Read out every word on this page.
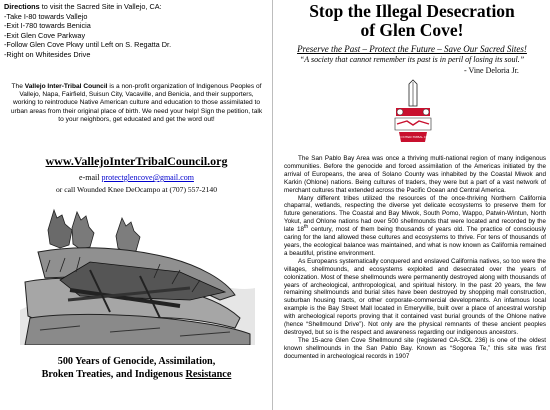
Directions to visit the Sacred Site in Vallejo, CA:
-Take I-80 towards Vallejo
-Exit I-780 towards Benicia
-Exit Glen Cove Parkway
-Follow Glen Cove Pkwy until Left on S. Regatta Dr.
-Right on Whitesides Drive
The Vallejo Inter-Tribal Council is a non-profit organization of Indigenous Peoples of Vallejo, Napa, Fairfield, Suisun City, Vacaville, and Benicia, and their supporters, working to reintroduce Native American culture and education to those assimilated to urban areas from their original place of birth. We need your help! Sign the petition, talk to your neighbors, get educated and get the word out!
www.VallejoInterTribalCouncil.org
e-mail protectglencove@gmail.com
or call Wounded Knee DeOcampo at (707) 557-2140
500 Years of Genocide, Assimilation,
Broken Treaties, and Indigenous Resistance
Stop the Illegal Desecration
of Glen Cove!
Preserve the Past – Protect the Future – Save Our Sacred Sites!
“A society that cannot remember its past is in peril of losing its soul.”
- Vine Deloria Jr.
VALLEJO INTER-TRIBAL COUNCIL

The San Pablo Bay Area was once a thriving multi-national region of many indigenous communities. Before the genocide and forced assimilation of the Americas initiated by the arrival of Europeans, the area of Solano County was inhabited by the Coastal Miwok and Karkin (Ohlone) nations. Being cultures of traders, they were but a part of a vast network of merchant cultures that extended across the Pacific Ocean and Central America.

Many different tribes utilized the resources of the once-thriving Northern California chaparral, wetlands, respecting the diverse yet delicate ecosystems to preserve them for future generations. The Coastal and Bay Miwok, South Pomo, Wappo, Patwin-Wintun, North Yokut, and Ohlone nations had over 500 shellmounds that were located and recorded by the late 18th century, most of them being thousands of years old. The practice of consciously caring for the land allowed these cultures and ecosystems to thrive. For tens of thousands of years, the ecological balance was maintained, and what is now known as California remained a beautiful, pristine environment.

As Europeans systematically conquered and enslaved California natives, so too were the villages, shellmounds, and ecosystems exploited and desecrated over the years of colonization. Most of these shellmounds were permanently destroyed along with thousands of years of archeological, anthropological, and spiritual history. In the past 20 years, the few remaining shellmounds and burial sites have been destroyed by shopping mall construction, suburban housing tracts, or other corporate-commercial developments. An infamous local example is the Bay Street Mall located in Emeryville, built over a place of ancestral worship with archeological reports proving that it contained vast burial grounds of the Ohlone native (hence “Shellmound Drive”). Not only are the physical remnants of these ancient peoples destroyed, but so is the respect and awareness regarding our indigenous ancestors.

The 15-acre Glen Cove Shellmound site (registered CA-SOL 236) is one of the oldest known shellmounds in the San Pablo Bay. Known as “Sogorea Te,” this site was first documented in archeological records in 1907
